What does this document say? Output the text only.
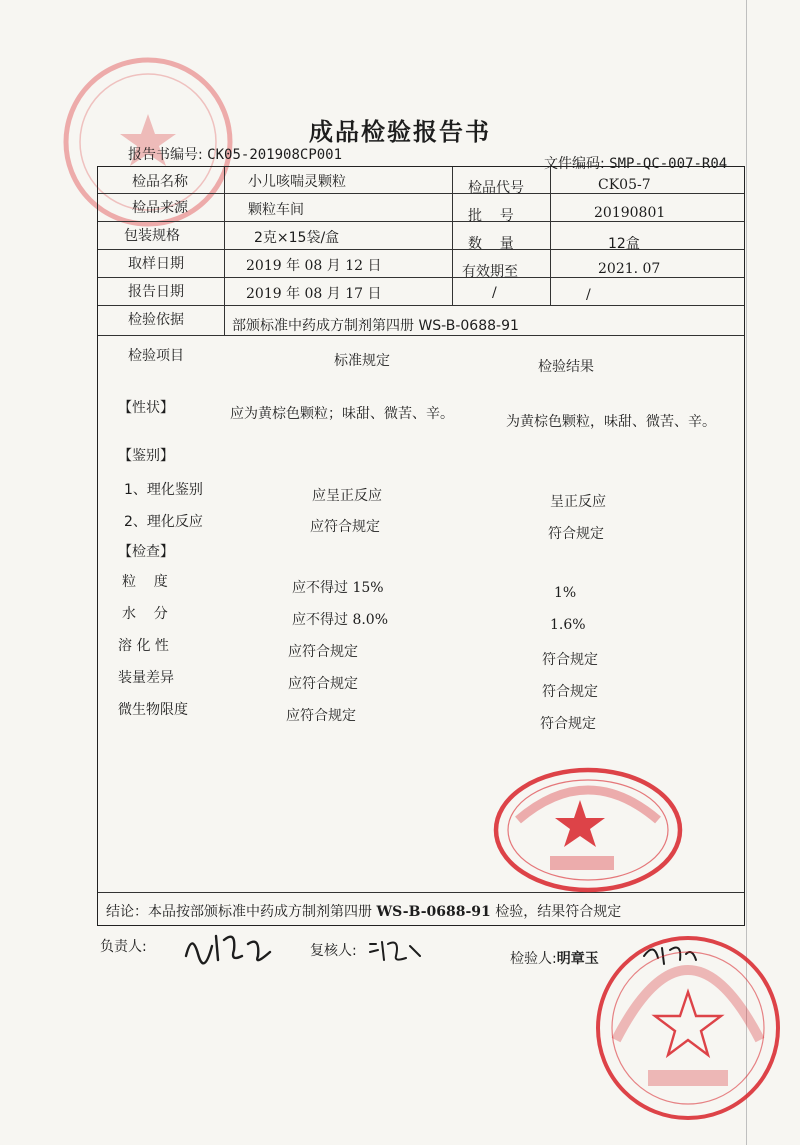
成品检验报告书
报告书编号: CK05-201908CP001
文件编码: SMP-QC-007-R04
检品名称	小儿咳喘灵颗粒	检品代号	CK05-7
检品来源	颗粒车间	批    号	20190801
包装规格	2克×15袋/盒	数    量	12盒
取样日期	2019 年 08 月 12 日	有效期至	2021. 07
报告日期	2019 年 08 月 17 日	/	/
检验依据	部颁标准中药成方制剂第四册 WS-B-0688-91
检验项目	标准规定	检验结果
【性状】	应为黄棕色颗粒；味甜、微苦、辛。	为黄棕色颗粒，味甜、微苦、辛。
【鉴别】
1、理化鉴别	应呈正反应	呈正反应
2、理化反应	应符合规定	符合规定
【检查】
粒    度	应不得过 15%	1%
水    分	应不得过 8.0%	1.6%
溶 化 性	应符合规定	符合规定
装量差异	应符合规定	符合规定
微生物限度	应符合规定	符合规定
结论：本品按部颁标准中药成方制剂第四册 WS-B-0688-91 检验，结果符合规定
负责人:	复核人:	检验人:明章玉
